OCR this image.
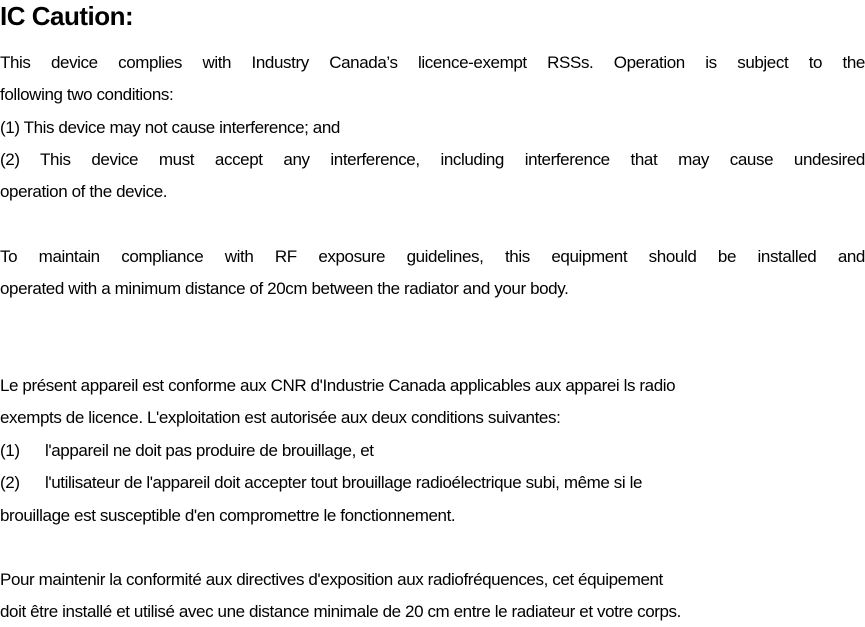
IC Caution:
This device complies with Industry Canada’s licence-exempt RSSs. Operation is subject to the
following two conditions:
(1) This device may not cause interference; and
(2) This device must accept any interference, including interference that may cause undesired
operation of the device.
To maintain compliance with RF exposure guidelines, this equipment should be installed and
operated with a minimum distance of 20cm between the radiator and your body.
Le présent appareil est conforme aux CNR d'Industrie Canada applicables aux apparei ls radio
exempts de licence. L'exploitation est autorisée aux deux conditions suivantes:
(1) l'appareil ne doit pas produire de brouillage, et
(2) l'utilisateur de l'appareil doit accepter tout brouillage radioélectrique subi, même si le
brouillage est susceptible d'en compromettre le fonctionnement.
Pour maintenir la conformité aux directives d'exposition aux radiofréquences, cet équipement
doit être installé et utilisé avec une distance minimale de 20 cm entre le radiateur et votre corps.
